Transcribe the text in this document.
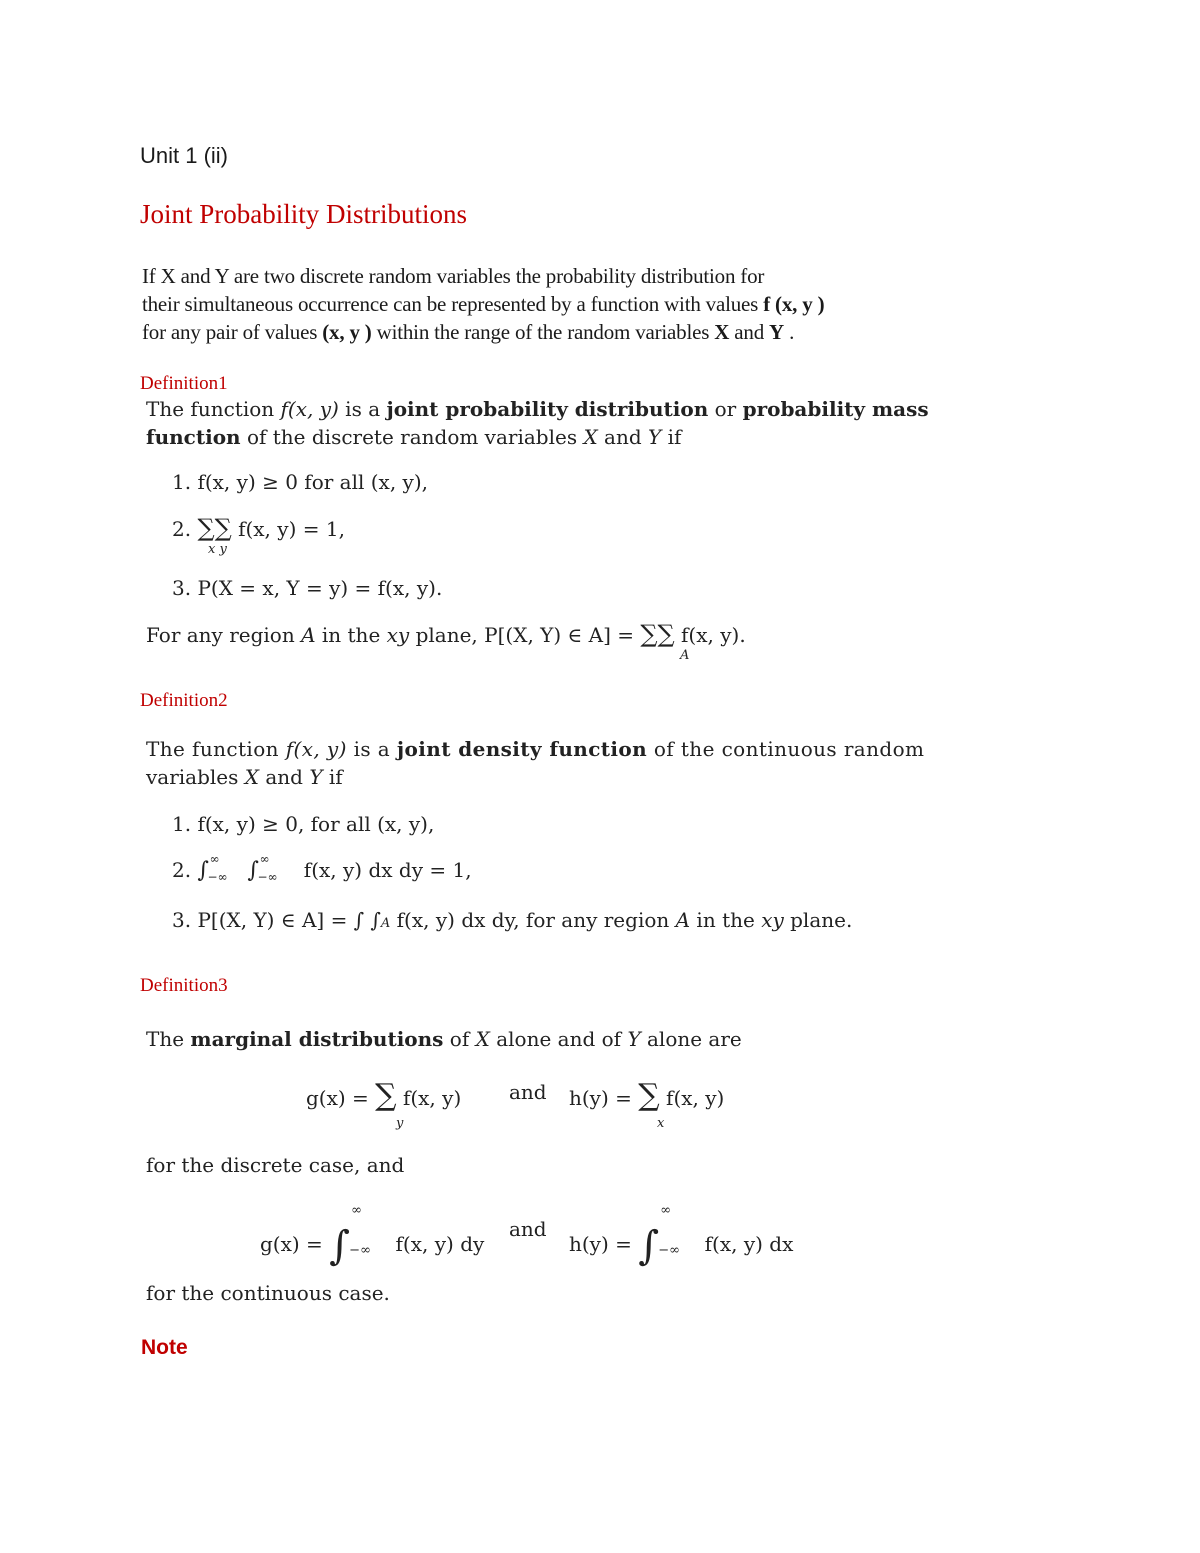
Unit 1 (ii)
Joint Probability Distributions
If X and Y are two discrete random variables the probability distribution for
their simultaneous occurrence can be represented by a function with values f (x, y )
for any pair of values (x, y ) within the range of the random variables X and Y .
Definition1
The function f(x, y) is a joint probability distribution or probability mass
function of the discrete random variables X and Y if
1. f(x, y) ≥ 0 for all (x, y),
2. ∑∑ f(x, y) = 1,
x y
3. P(X = x, Y = y) = f(x, y).
For any region A in the xy plane, P[(X, Y) ∈ A] = ∑∑ f(x, y).
A
Definition2
The function f(x, y) is a joint density function of the continuous random
variables X and Y if
1. f(x, y) ≥ 0, for all (x, y),
2. ∫ ∞
−∞ ∫ ∞
−∞ f(x, y) dx dy = 1,
3. P[(X, Y) ∈ A] = ∫ ∫A f(x, y) dx dy, for any region A in the xy plane.
Definition3
The marginal distributions of X alone and of Y alone are
g(x) = ∑ f(x, y)
y
and h(y) = ∑ f(x, y)
x
for the discrete case, and
g(x) = ∫
∞
−∞ f(x, y) dy
and
h(y) = ∫
∞
−∞ f(x, y) dx
for the continuous case.
Note
